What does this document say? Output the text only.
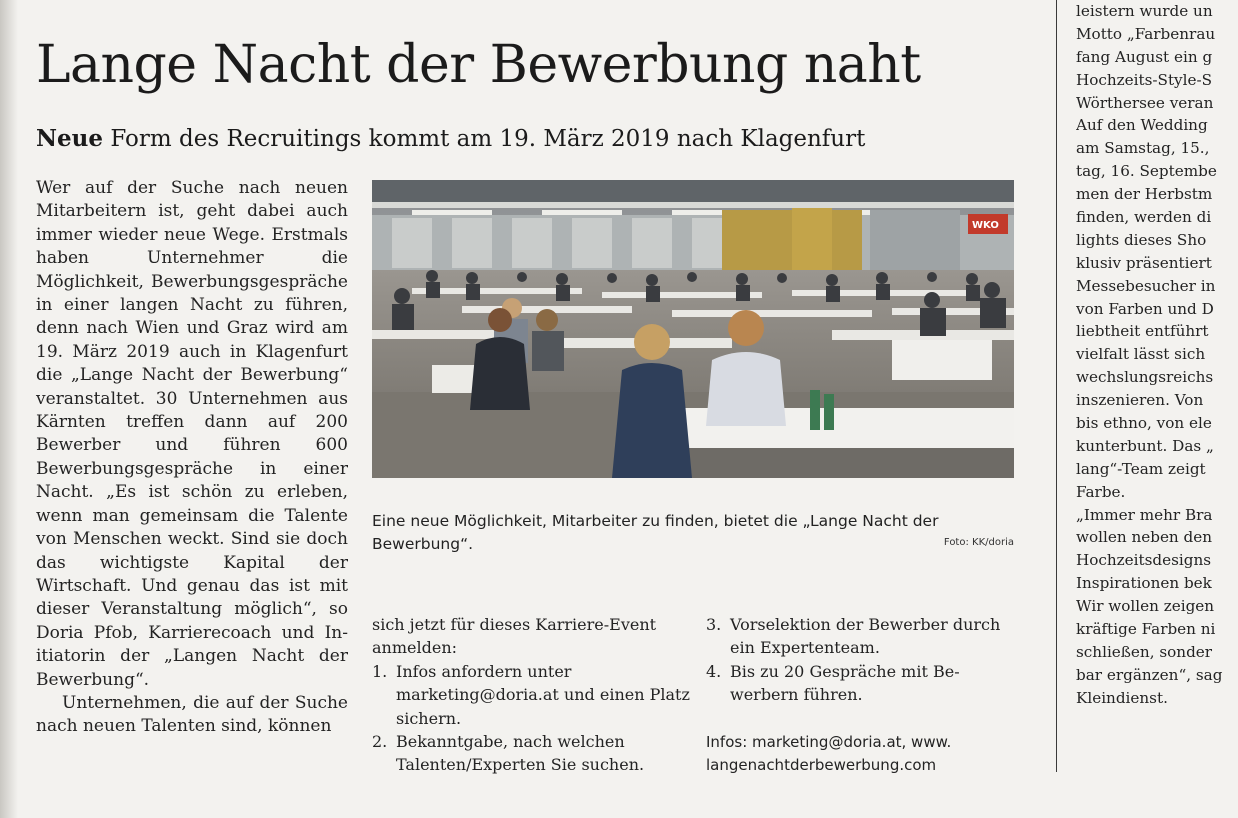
Lange Nacht der Bewerbung naht
Neue Form des Recruitings kommt am 19. März 2019 nach Klagenfurt

Wer auf der Suche nach neuen Mitarbeitern ist, geht dabei auch immer wieder neue Wege. Erstmals haben Unternehmer die Möglichkeit, Bewerbungsgespräche in einer langen Nacht zu führen, denn nach Wien und Graz wird am 19. März 2019 auch in Klagenfurt die „Lange Nacht der Bewerbung“ veranstaltet. 30 Unternehmen aus Kärnten treffen dann auf 200 Bewerber und führen 600 Bewerbungsgespräche in einer Nacht. „Es ist schön zu erleben, wenn man gemeinsam die Talente von Menschen weckt. Sind sie doch das wichtigste Kapital der Wirtschaft. Und genau das ist mit dieser Veranstaltung möglich“, so Doria Pfob, Karrierecoach und Initiatorin der „Langen Nacht der Bewerbung“.

Unternehmen, die auf der Suche nach neuen Talenten sind, können

WKO
Eine neue Möglichkeit, Mitarbeiter zu finden, bietet die „Lange Nacht der Bewerbung“.	Foto: KK/doria

sich jetzt für dieses Karriere-Event anmelden:

1. Infos anfordern unter marketing@doria.at und einen Platz sichern.
2. Bekanntgabe, nach welchen Talenten/Experten Sie suchen.
3. Vorselektion der Bewerber durch ein Expertenteam.
4. Bis zu 20 Gespräche mit Bewerbern führen.

Infos: marketing@doria.at, www. langenachtderbewerbung.com

leistern wurde un
Motto „Farbenrau
fang August ein g
Hochzeits-Style-S
Wörthersee veran
Auf den Wedding
am Samstag, 15.,
tag, 16. Septembe
men der Herbstm
finden, werden di
lights dieses Sho
klusiv präsentiert
Messebesucher in
von Farben und D
liebtheit entführt
vielfalt lässt sich
wechslungsreichs
inszenieren. Von
bis ethno, von ele
kunterbunt. Das „
lang“-Team zeigt
Farbe.
„Immer mehr Bra
wollen neben den
Hochzeitsdesigns
Inspirationen bek
Wir wollen zeigen
kräftige Farben ni
schließen, sonder
bar ergänzen“, sag
Kleindienst.
